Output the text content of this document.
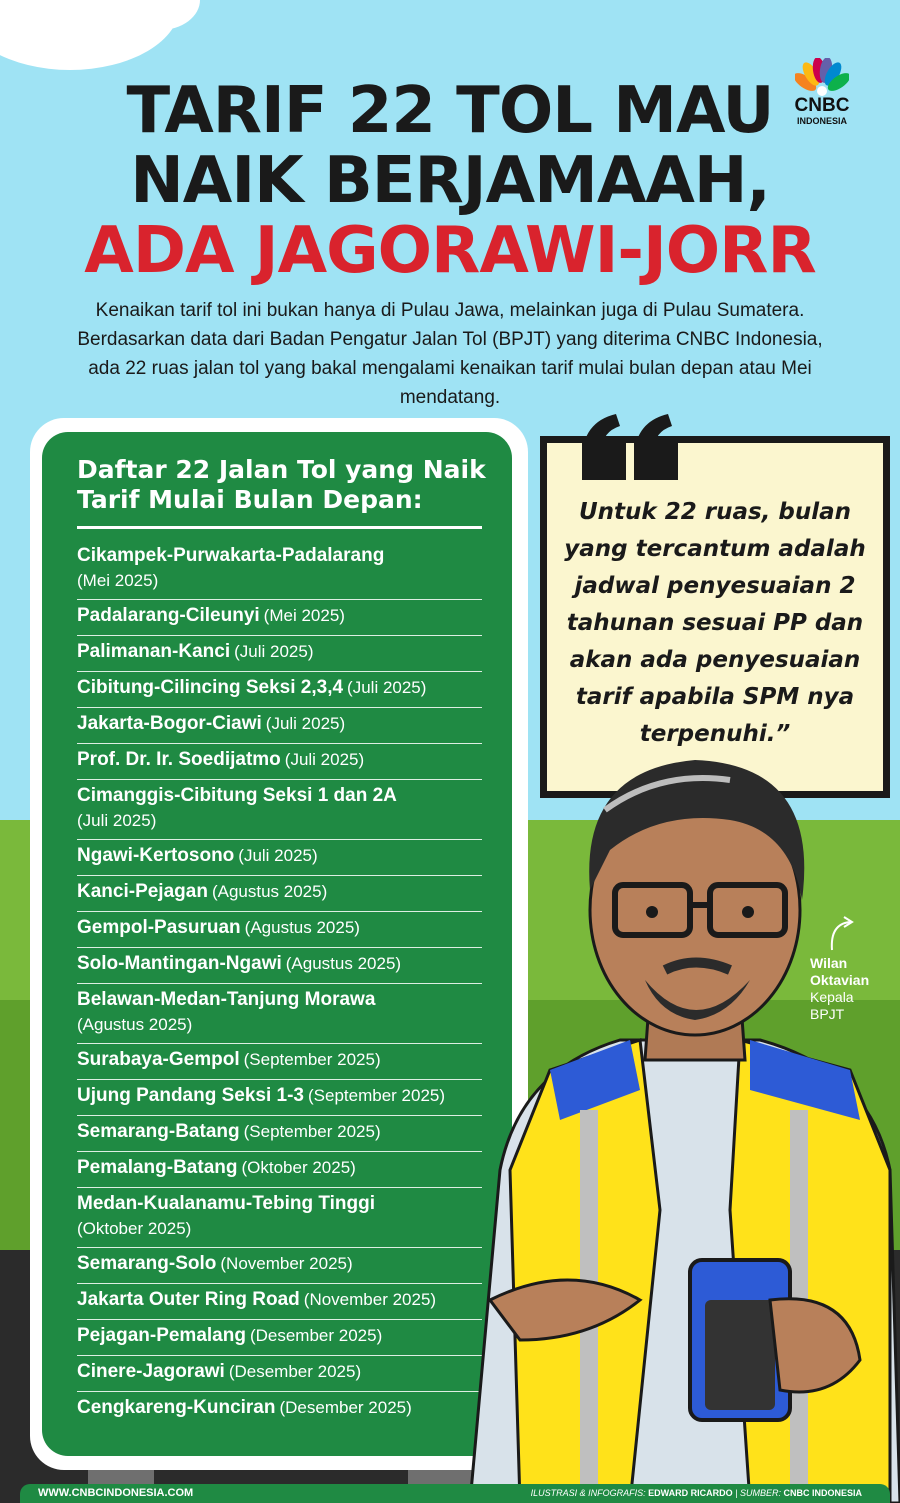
TARIF 22 TOL MAU
NAIK BERJAMAAH,
ADA JAGORAWI-JORR
CNBC
INDONESIA

Kenaikan tarif tol ini bukan hanya di Pulau Jawa, melainkan juga di Pulau Sumatera. Berdasarkan data dari Badan Pengatur Jalan Tol (BPJT) yang diterima CNBC Indonesia, ada 22 ruas jalan tol yang bakal mengalami kenaikan tarif mulai bulan depan atau Mei mendatang.

Daftar 22 Jalan Tol yang Naik Tarif Mulai Bulan Depan:
Cikampek-Purwakarta-Padalarang
(Mei 2025)
Padalarang-Cileunyi (Mei 2025)
Palimanan-Kanci (Juli 2025)
Cibitung-Cilincing Seksi 2,3,4 (Juli 2025)
Jakarta-Bogor-Ciawi (Juli 2025)
Prof. Dr. Ir. Soedijatmo (Juli 2025)
Cimanggis-Cibitung Seksi 1 dan 2A
(Juli 2025)
Ngawi-Kertosono (Juli 2025)
Kanci-Pejagan (Agustus 2025)
Gempol-Pasuruan (Agustus 2025)
Solo-Mantingan-Ngawi (Agustus 2025)
Belawan-Medan-Tanjung Morawa
(Agustus 2025)
Surabaya-Gempol (September 2025)
Ujung Pandang Seksi 1-3 (September 2025)
Semarang-Batang (September 2025)
Pemalang-Batang (Oktober 2025)
Medan-Kualanamu-Tebing Tinggi
(Oktober 2025)
Semarang-Solo (November 2025)
Jakarta Outer Ring Road (November 2025)
Pejagan-Pemalang (Desember 2025)
Cinere-Jagorawi (Desember 2025)
Cengkareng-Kunciran (Desember 2025)
Untuk 22 ruas, bulan yang tercantum adalah jadwal penyesuaian 2 tahunan sesuai PP dan akan ada penyesuaian tarif apabila SPM nya terpenuhi.”
Wilan
Oktavian
Kepala
BPJT
WWW.CNBCINDONESIA.COM	ILUSTRASI & INFOGRAFIS: EDWARD RICARDO | SUMBER: CNBC INDONESIA
